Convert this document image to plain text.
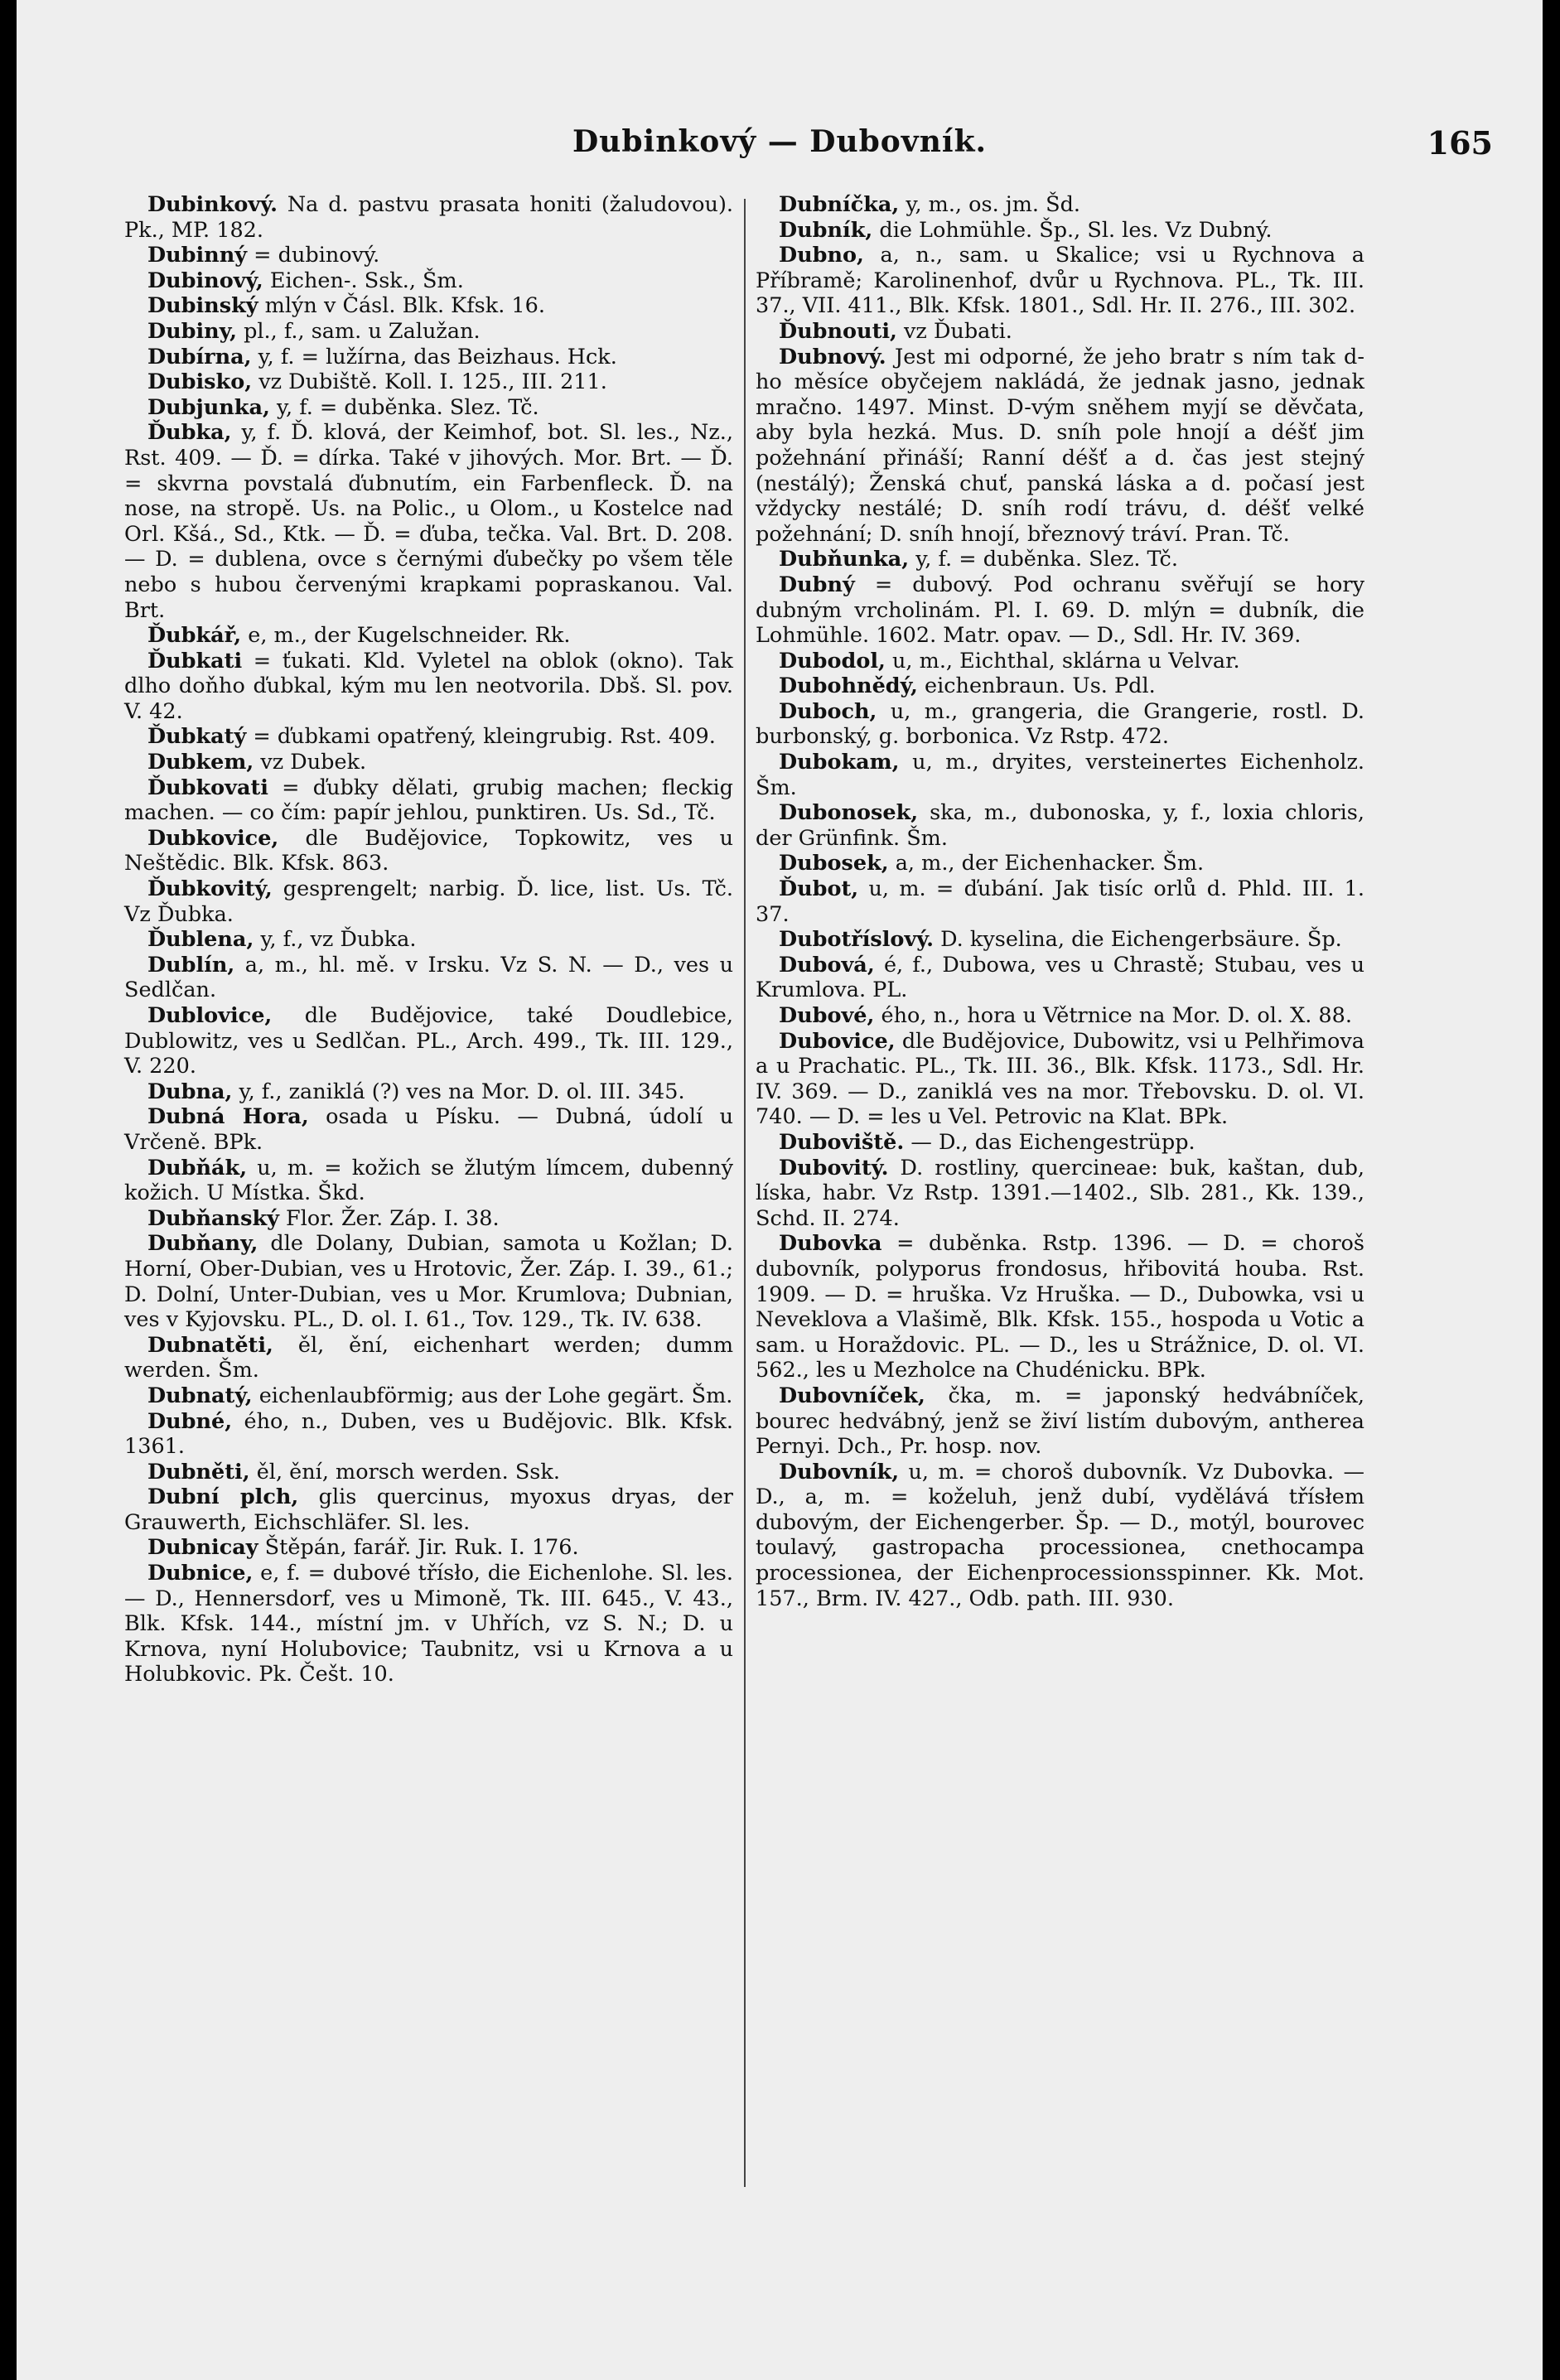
Dubinkový — Dubovník.	165

Dubinkový. Na d. pastvu prasata honiti (žaludovou). Pk., MP. 182.

Dubinný = dubinový.

Dubinový, Eichen-. Ssk., Šm.

Dubinský mlýn v Čásl. Blk. Kfsk. 16.

Dubiny, pl., f., sam. u Zalužan.

Dubírna, y, f. = lužírna, das Beizhaus. Hck.

Dubisko, vz Dubiště. Koll. I. 125., III. 211.

Dubjunka, y, f. = duběnka. Slez. Tč.

Ďubka, y, f. Ď. klová, der Keimhof, bot. Sl. les., Nz., Rst. 409. — Ď. = dírka. Také v jihových. Mor. Brt. — Ď. = skvrna povstalá ďubnutím, ein Farbenfleck. Ď. na nose, na stropě. Us. na Polic., u Olom., u Kostelce nad Orl. Kšá., Sd., Ktk. — Ď. = ďuba, tečka. Val. Brt. D. 208. — D. = dublena, ovce s černými ďubečky po všem těle nebo s hubou červenými krapkami popraskanou. Val. Brt.

Ďubkář, e, m., der Kugelschneider. Rk.

Ďubkati = ťukati. Kld. Vyletel na oblok (okno). Tak dlho doňho ďubkal, kým mu len neotvorila. Dbš. Sl. pov. V. 42.

Ďubkatý = ďubkami opatřený, kleingrubig. Rst. 409.

Dubkem, vz Dubek.

Ďubkovati = ďubky dělati, grubig machen; fleckig machen. — co čím: papír jehlou, punktiren. Us. Sd., Tč.

Dubkovice, dle Budějovice, Topkowitz, ves u Neštědic. Blk. Kfsk. 863.

Ďubkovitý, gesprengelt; narbig. Ď. lice, list. Us. Tč. Vz Ďubka.

Ďublena, y, f., vz Ďubka.

Dublín, a, m., hl. mě. v Irsku. Vz S. N. — D., ves u Sedlčan.

Dublovice, dle Budějovice, také Doudlebice, Dublowitz, ves u Sedlčan. PL., Arch. 499., Tk. III. 129., V. 220.

Dubna, y, f., zaniklá (?) ves na Mor. D. ol. III. 345.

Dubná Hora, osada u Písku. — Dubná, údolí u Vrčeně. BPk.

Dubňák, u, m. = kožich se žlutým límcem, dubenný kožich. U Místka. Škd.

Dubňanský Flor. Žer. Záp. I. 38.

Dubňany, dle Dolany, Dubian, samota u Kožlan; D. Horní, Ober-Dubian, ves u Hrotovic, Žer. Záp. I. 39., 61.; D. Dolní, Unter-Dubian, ves u Mor. Krumlova; Dubnian, ves v Kyjovsku. PL., D. ol. I. 61., Tov. 129., Tk. IV. 638.

Dubnatěti, ěl, ění, eichenhart werden; dumm werden. Šm.

Dubnatý, eichenlaubförmig; aus der Lohe gegärt. Šm.

Dubné, ého, n., Duben, ves u Budějovic. Blk. Kfsk. 1361.

Dubněti, ěl, ění, morsch werden. Ssk.

Dubní plch, glis quercinus, myoxus dryas, der Grauwerth, Eichschläfer. Sl. les.

Dubnicay Štěpán, farář. Jir. Ruk. I. 176.

Dubnice, e, f. = dubové třísło, die Eichenlohe. Sl. les. — D., Hennersdorf, ves u Mimoně, Tk. III. 645., V. 43., Blk. Kfsk. 144., místní jm. v Uhřích, vz S. N.; D. u Krnova, nyní Holubovice; Taubnitz, vsi u Krnova a u Holubkovic. Pk. Češt. 10.

Dubníčka, y, m., os. jm. Šd.

Dubník, die Lohmühle. Šp., Sl. les. Vz Dubný.

Dubno, a, n., sam. u Skalice; vsi u Rychnova a Příbramě; Karolinenhof, dvůr u Rychnova. PL., Tk. III. 37., VII. 411., Blk. Kfsk. 1801., Sdl. Hr. II. 276., III. 302.

Ďubnouti, vz Ďubati.

Dubnový. Jest mi odporné, že jeho bratr s ním tak d-ho měsíce obyčejem nakládá, že jednak jasno, jednak mračno. 1497. Minst. D-vým sněhem myjí se děvčata, aby byla hezká. Mus. D. sníh pole hnojí a déšť jim požehnání přináší; Ranní déšť a d. čas jest stejný (nestálý); Ženská chuť, panská láska a d. počasí jest vždycky nestálé; D. sníh rodí trávu, d. déšť velké požehnání; D. sníh hnojí, březnový tráví. Pran. Tč.

Dubňunka, y, f. = duběnka. Slez. Tč.

Dubný = dubový. Pod ochranu svěřují se hory dubným vrcholinám. Pl. I. 69. D. mlýn = dubník, die Lohmühle. 1602. Matr. opav. — D., Sdl. Hr. IV. 369.

Dubodol, u, m., Eichthal, sklárna u Velvar.

Dubohnědý, eichenbraun. Us. Pdl.

Duboch, u, m., grangeria, die Grangerie, rostl. D. burbonský, g. borbonica. Vz Rstp. 472.

Dubokam, u, m., dryites, versteinertes Eichenholz. Šm.

Dubonosek, ska, m., dubonoska, y, f., loxia chloris, der Grünfink. Šm.

Dubosek, a, m., der Eichenhacker. Šm.

Ďubot, u, m. = ďubání. Jak tisíc orlů d. Phld. III. 1. 37.

Dubotříslový. D. kyselina, die Eichengerbsäure. Šp.

Dubová, é, f., Dubowa, ves u Chrastě; Stubau, ves u Krumlova. PL.

Dubové, ého, n., hora u Větrnice na Mor. D. ol. X. 88.

Dubovice, dle Budějovice, Dubowitz, vsi u Pelhřimova a u Prachatic. PL., Tk. III. 36., Blk. Kfsk. 1173., Sdl. Hr. IV. 369. — D., zaniklá ves na mor. Třebovsku. D. ol. VI. 740. — D. = les u Vel. Petrovic na Klat. BPk.

Duboviště. — D., das Eichengestrüpp.

Dubovitý. D. rostliny, quercineae: buk, kaštan, dub, líska, habr. Vz Rstp. 1391.—1402., Slb. 281., Kk. 139., Schd. II. 274.

Dubovka = duběnka. Rstp. 1396. — D. = choroš dubovník, polyporus frondosus, hřibovitá houba. Rst. 1909. — D. = hruška. Vz Hruška. — D., Dubowka, vsi u Neveklova a Vlašimě, Blk. Kfsk. 155., hospoda u Votic a sam. u Horaždovic. PL. — D., les u Strážnice, D. ol. VI. 562., les u Mezholce na Chudénicku. BPk.

Dubovníček, čka, m. = japonský hedvábníček, bourec hedvábný, jenž se živí listím dubovým, antherea Pernyi. Dch., Pr. hosp. nov.

Dubovník, u, m. = choroš dubovník. Vz Dubovka. — D., a, m. = koželuh, jenž dubí, vydělává třísłem dubovým, der Eichengerber. Šp. — D., motýl, bourovec toulavý, gastropacha processionea, cnethocampa processionea, der Eichenprocessionsspinner. Kk. Mot. 157., Brm. IV. 427., Odb. path. III. 930.
